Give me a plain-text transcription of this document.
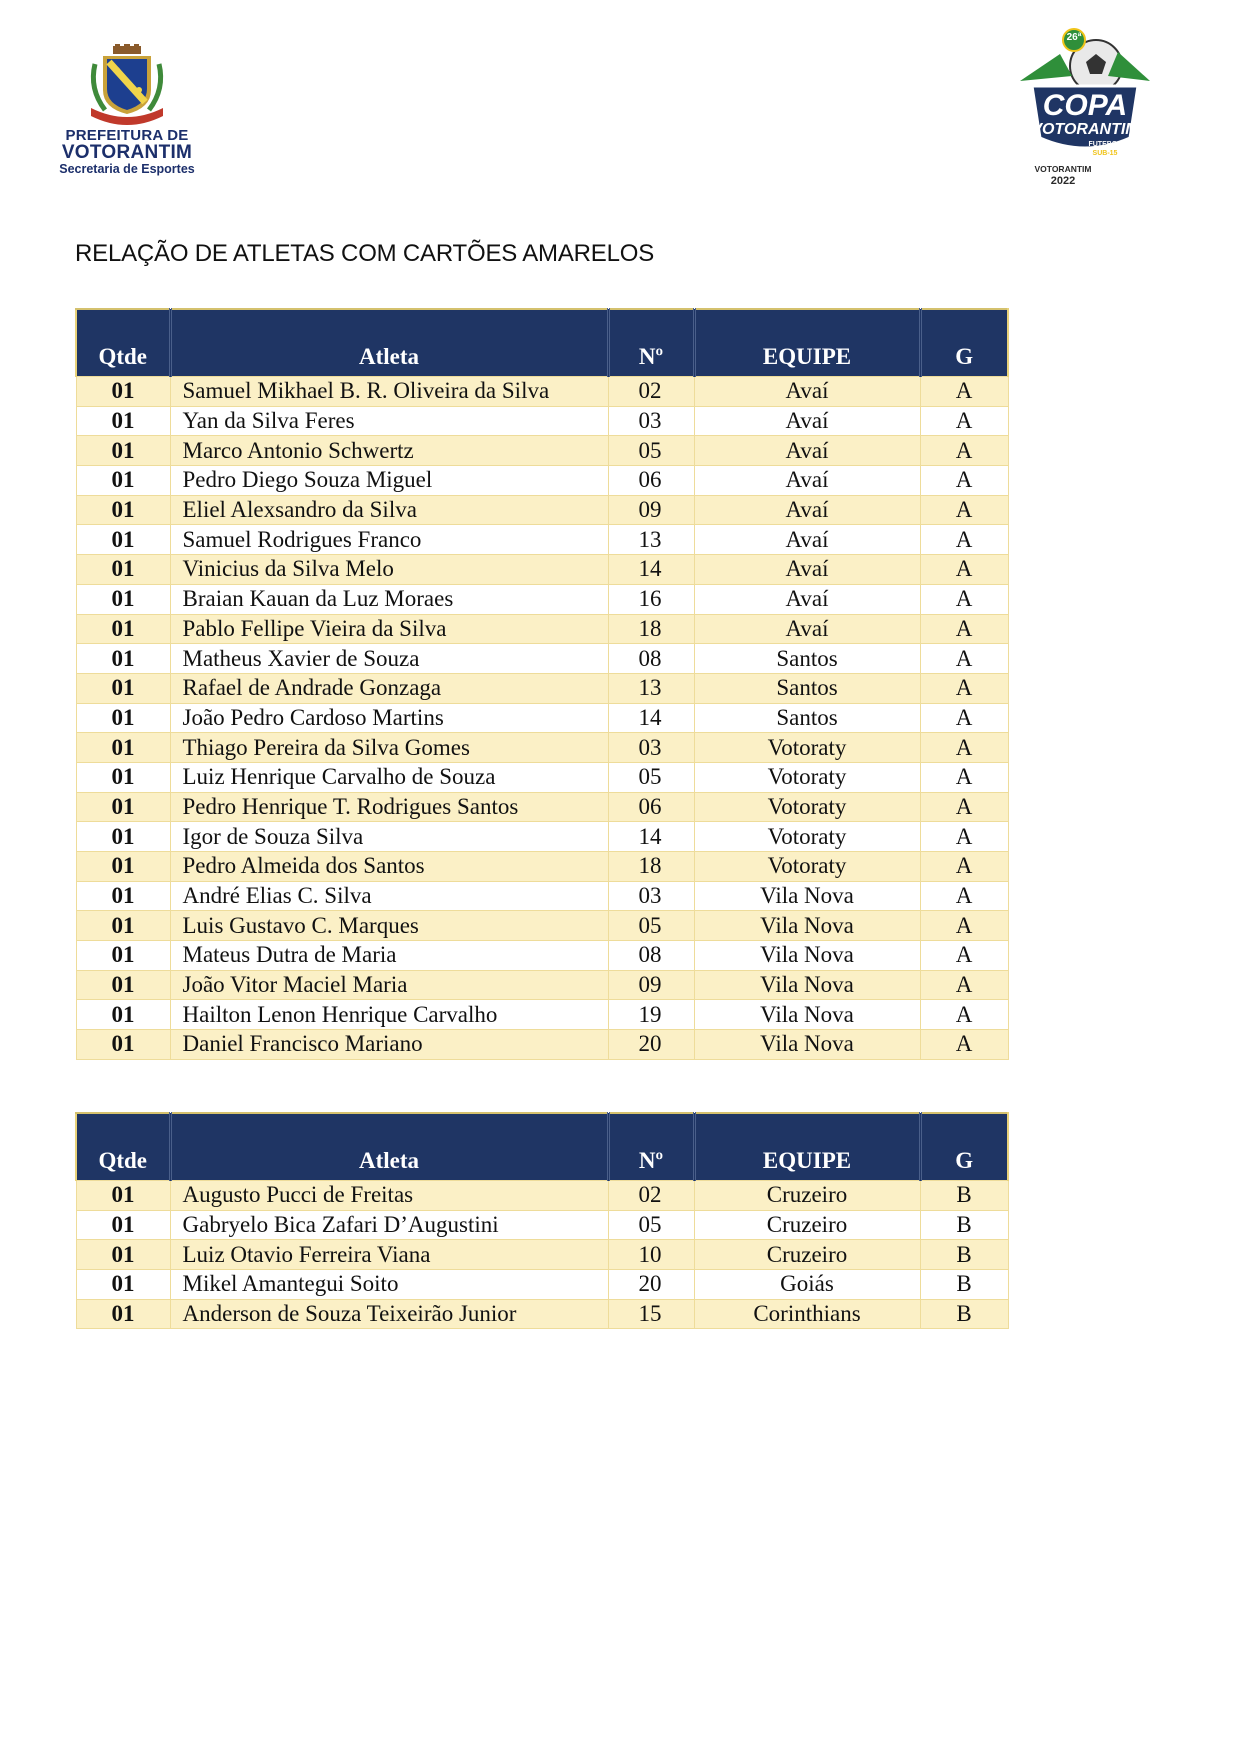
PREFEITURA DE
VOTORANTIM
Secretaria de Esportes
26ª
COPA
VOTORANTIM
FUTEBOL
SUB-15
VOTORANTIM
2022
RELAÇÃO DE ATLETAS COM CARTÕES AMARELOS
Qtde	Atleta	Nº	EQUIPE	G
01	Samuel Mikhael B. R. Oliveira da Silva	02	Avaí	A
01	Yan da Silva Feres	03	Avaí	A
01	Marco Antonio Schwertz	05	Avaí	A
01	Pedro Diego Souza Miguel	06	Avaí	A
01	Eliel Alexsandro da Silva	09	Avaí	A
01	Samuel Rodrigues Franco	13	Avaí	A
01	Vinicius da Silva Melo	14	Avaí	A
01	Braian Kauan da Luz Moraes	16	Avaí	A
01	Pablo Fellipe Vieira da Silva	18	Avaí	A
01	Matheus Xavier de Souza	08	Santos	A
01	Rafael de Andrade Gonzaga	13	Santos	A
01	João Pedro Cardoso Martins	14	Santos	A
01	Thiago Pereira da Silva Gomes	03	Votoraty	A
01	Luiz Henrique Carvalho de Souza	05	Votoraty	A
01	Pedro Henrique T. Rodrigues Santos	06	Votoraty	A
01	Igor de Souza Silva	14	Votoraty	A
01	Pedro Almeida dos Santos	18	Votoraty	A
01	André Elias C. Silva	03	Vila Nova	A
01	Luis Gustavo C. Marques	05	Vila Nova	A
01	Mateus Dutra de Maria	08	Vila Nova	A
01	João Vitor Maciel Maria	09	Vila Nova	A
01	Hailton Lenon Henrique Carvalho	19	Vila Nova	A
01	Daniel Francisco Mariano	20	Vila Nova	A
Qtde	Atleta	Nº	EQUIPE	G
01	Augusto Pucci de Freitas	02	Cruzeiro	B
01	Gabryelo Bica Zafari D’Augustini	05	Cruzeiro	B
01	Luiz Otavio Ferreira Viana	10	Cruzeiro	B
01	Mikel Amantegui Soito	20	Goiás	B
01	Anderson de Souza Teixeirão Junior	15	Corinthians	B
